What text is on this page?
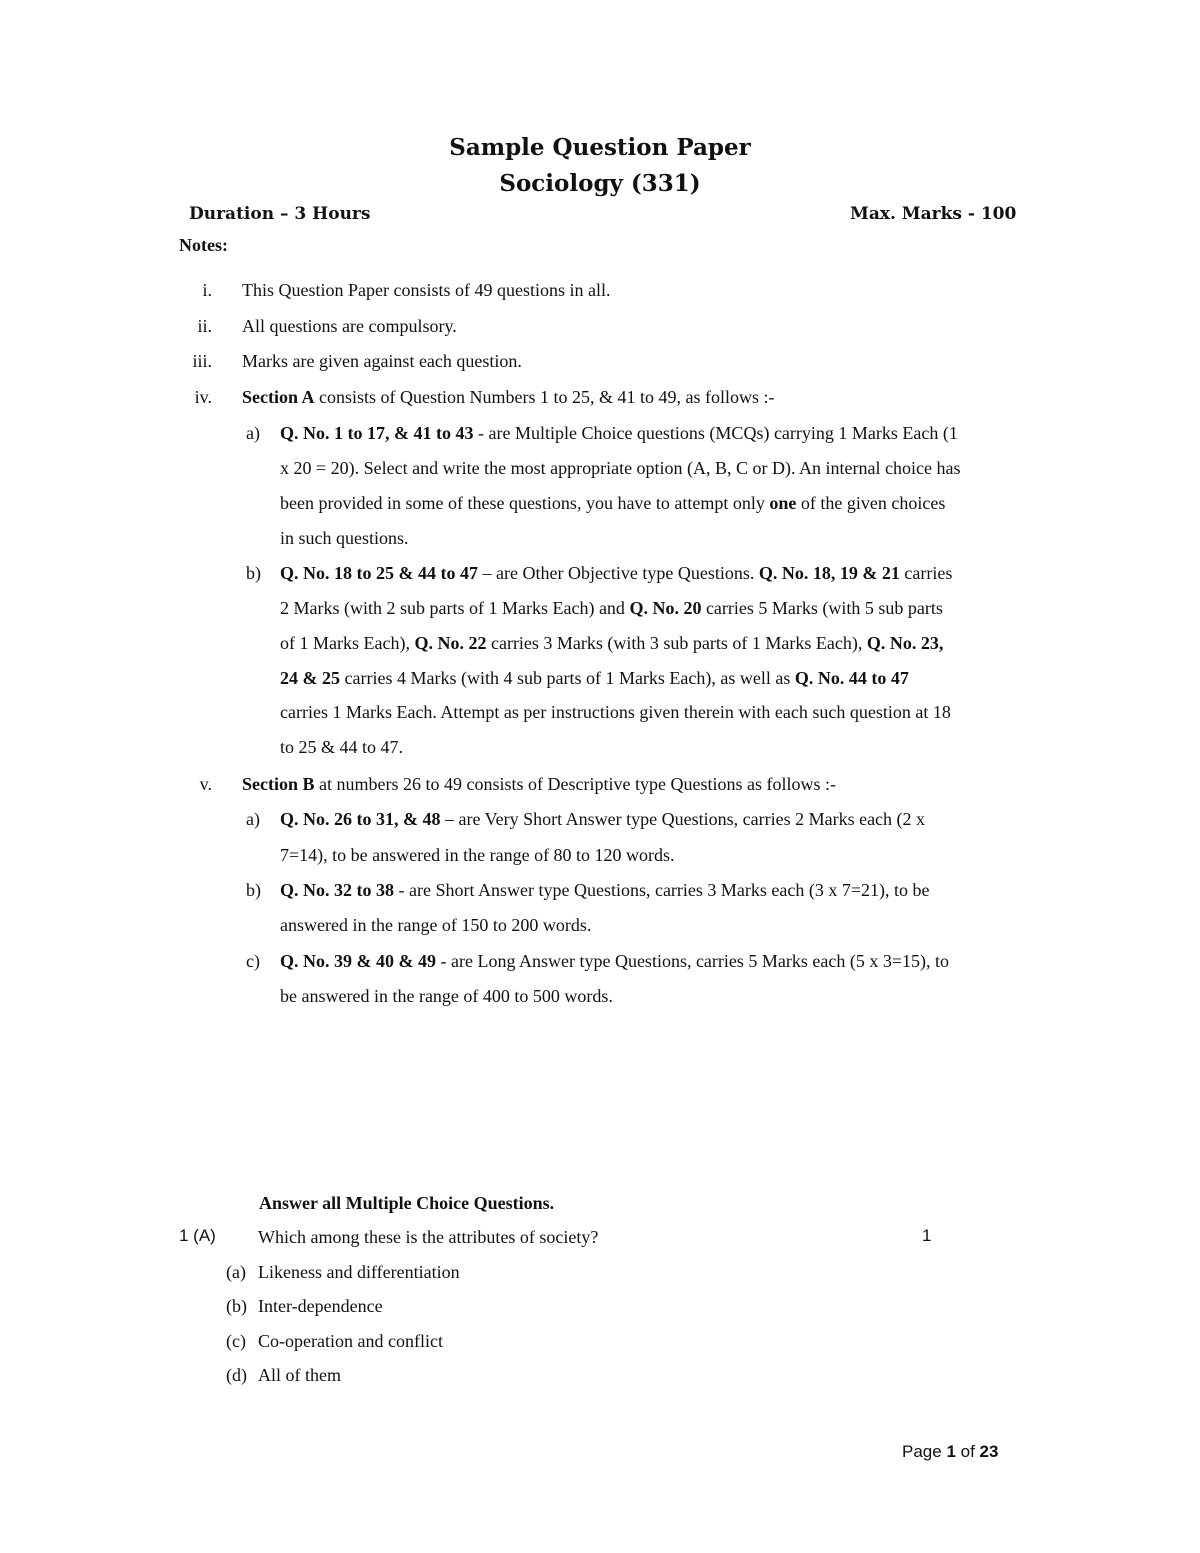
Sample Question Paper
Sociology (331)
Duration – 3 Hours	Max. Marks - 100
Notes:
i. This Question Paper consists of 49 questions in all.
ii. All questions are compulsory.
iii. Marks are given against each question.
iv. Section A consists of Question Numbers 1 to 25, & 41 to 49, as follows :-
a) Q. No. 1 to 17, & 41 to 43 - are Multiple Choice questions (MCQs) carrying 1 Marks Each (1
x 20 = 20). Select and write the most appropriate option (A, B, C or D). An internal choice has
been provided in some of these questions, you have to attempt only one of the given choices
in such questions.
b) Q. No. 18 to 25 & 44 to 47 – are Other Objective type Questions. Q. No. 18, 19 & 21 carries
2 Marks (with 2 sub parts of 1 Marks Each) and Q. No. 20 carries 5 Marks (with 5 sub parts
of 1 Marks Each), Q. No. 22 carries 3 Marks (with 3 sub parts of 1 Marks Each), Q. No. 23,
24 & 25 carries 4 Marks (with 4 sub parts of 1 Marks Each), as well as Q. No. 44 to 47
carries 1 Marks Each. Attempt as per instructions given therein with each such question at 18
to 25 & 44 to 47.
v. Section B at numbers 26 to 49 consists of Descriptive type Questions as follows :-
a) Q. No. 26 to 31, & 48 – are Very Short Answer type Questions, carries 2 Marks each (2 x
7=14), to be answered in the range of 80 to 120 words.
b) Q. No. 32 to 38 - are Short Answer type Questions, carries 3 Marks each (3 x 7=21), to be
answered in the range of 150 to 200 words.
c) Q. No. 39 & 40 & 49 - are Long Answer type Questions, carries 5 Marks each (5 x 3=15), to
be answered in the range of 400 to 500 words.
Answer all Multiple Choice Questions.
1 (A) Which among these is the attributes of society?	1
(a) Likeness and differentiation
(b) Inter-dependence
(c) Co-operation and conflict
(d) All of them
Page 1 of 23
